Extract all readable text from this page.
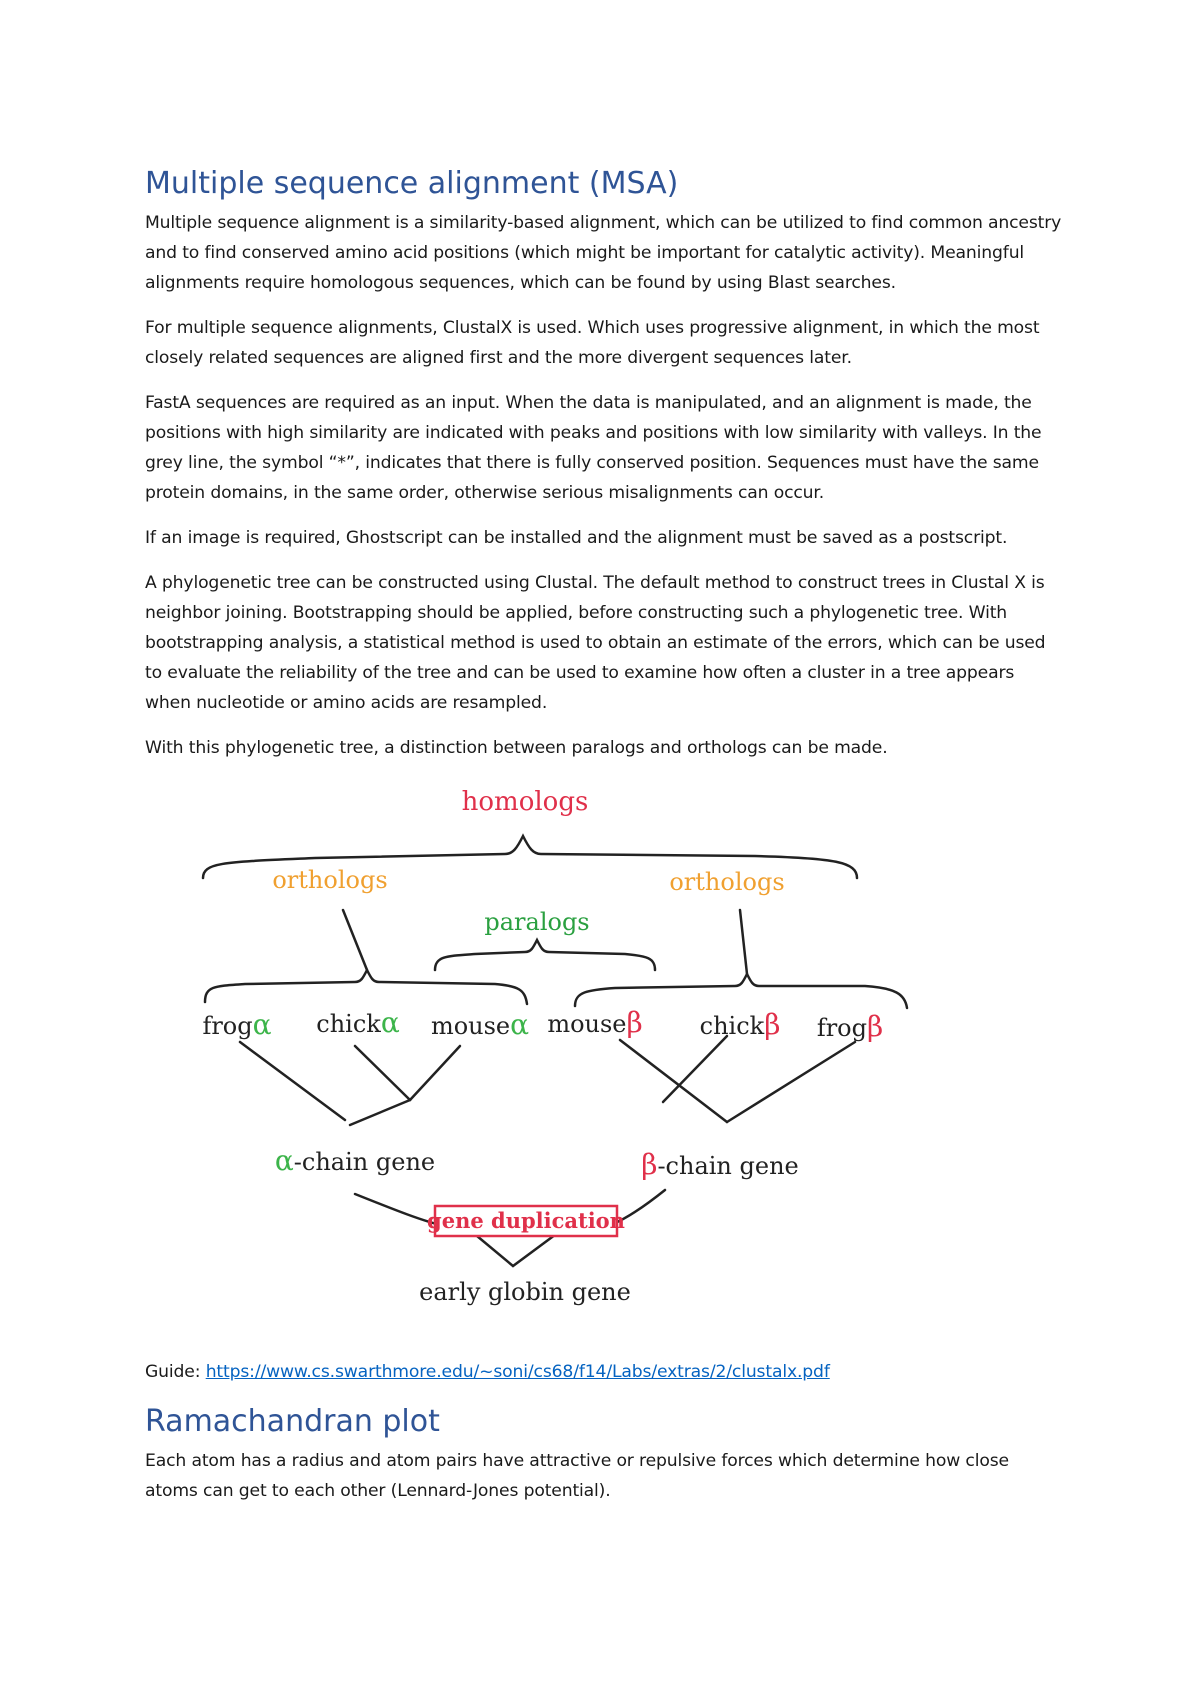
Multiple sequence alignment (MSA)

Multiple sequence alignment is a similarity-based alignment, which can be utilized to find common ancestry and to find conserved amino acid positions (which might be important for catalytic activity). Meaningful alignments require homologous sequences, which can be found by using Blast searches.

For multiple sequence alignments, ClustalX is used. Which uses progressive alignment, in which the most closely related sequences are aligned first and the more divergent sequences later.

FastA sequences are required as an input. When the data is manipulated, and an alignment is made, the positions with high similarity are indicated with peaks and positions with low similarity with valleys. In the grey line, the symbol “*”, indicates that there is fully conserved position. Sequences must have the same protein domains, in the same order, otherwise serious misalignments can occur.

If an image is required, Ghostscript can be installed and the alignment must be saved as a postscript.

A phylogenetic tree can be constructed using Clustal. The default method to construct trees in Clustal X is neighbor joining. Bootstrapping should be applied, before constructing such a phylogenetic tree. With bootstrapping analysis, a statistical method is used to obtain an estimate of the errors, which can be used to evaluate the reliability of the tree and can be used to examine how often a cluster in a tree appears when nucleotide or amino acids are resampled.

With this phylogenetic tree, a distinction between paralogs and orthologs can be made.

Guide: https://www.cs.swarthmore.edu/~soni/cs68/f14/Labs/extras/2/clustalx.pdf

Ramachandran plot

Each atom has a radius and atom pairs have attractive or repulsive forces which determine how close atoms can get to each other (Lennard-Jones potential).

homologs
orthologs
paralogs
orthologs
frogα chickα mouseα mouseβ chickβ frogβ
α-chain gene	β-chain gene
gene duplication
early globin gene
